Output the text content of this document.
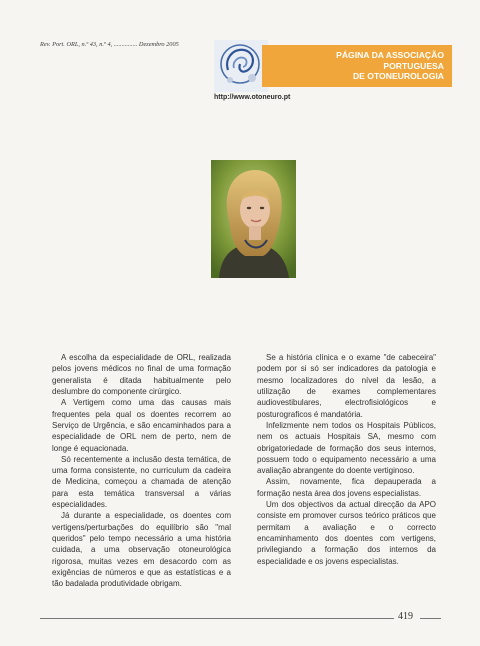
Rev. Port. ORL, n.º 43, n.º 4, ............... Dezembro 2005
PÁGINA DA ASSOCIAÇÃO
PORTUGUESA
DE OTONEUROLOGIA
http://www.otoneuro.pt

A escolha da especialidade de ORL, realizada pelos jovens médicos no final de uma formação generalista é ditada habitualmente pelo deslumbre do componente cirúrgico.

A Vertigem como uma das causas mais frequentes pela qual os doentes recorrem ao Serviço de Urgência, e são encaminhados para a especialidade de ORL nem de perto, nem de longe é equacionada.

Só recentemente a inclusão desta temática, de uma forma consistente, no curriculum da cadeira de Medicina, começou a chamada de atenção para esta temática transversal a várias especialidades.

Já durante a especialidade, os doentes com vertigens/perturbações do equilíbrio são "mal queridos" pelo tempo necessário a uma história cuidada, a uma observação otoneurológica rigorosa, muitas vezes em desacordo com as exigências de números e que as estatísticas e a tão badalada produtividade obrigam.

Se a história clínica e o exame "de cabeceira" podem por si só ser indicadores da patologia e mesmo localizadores do nível da lesão, a utilização de exames complementares audiovestibulares, electrofisiológicos e posturograficos é mandatória.

Infelizmente nem todos os Hospitais Públicos, nem os actuais Hospitais SA, mesmo com obrigatoriedade de formação dos seus internos, possuem todo o equipamento necessário a uma avaliação abrangente do doente vertiginoso.

Assim, novamente, fica depauperada a formação nesta área dos jovens especialistas.

Um dos objectivos da actual direcção da APO consiste em promover cursos teórico práticos que permitam a avaliação e o correcto encaminhamento dos doentes com vertigens, privilegiando a formação dos internos da especialidade e os jovens especialistas.

419
